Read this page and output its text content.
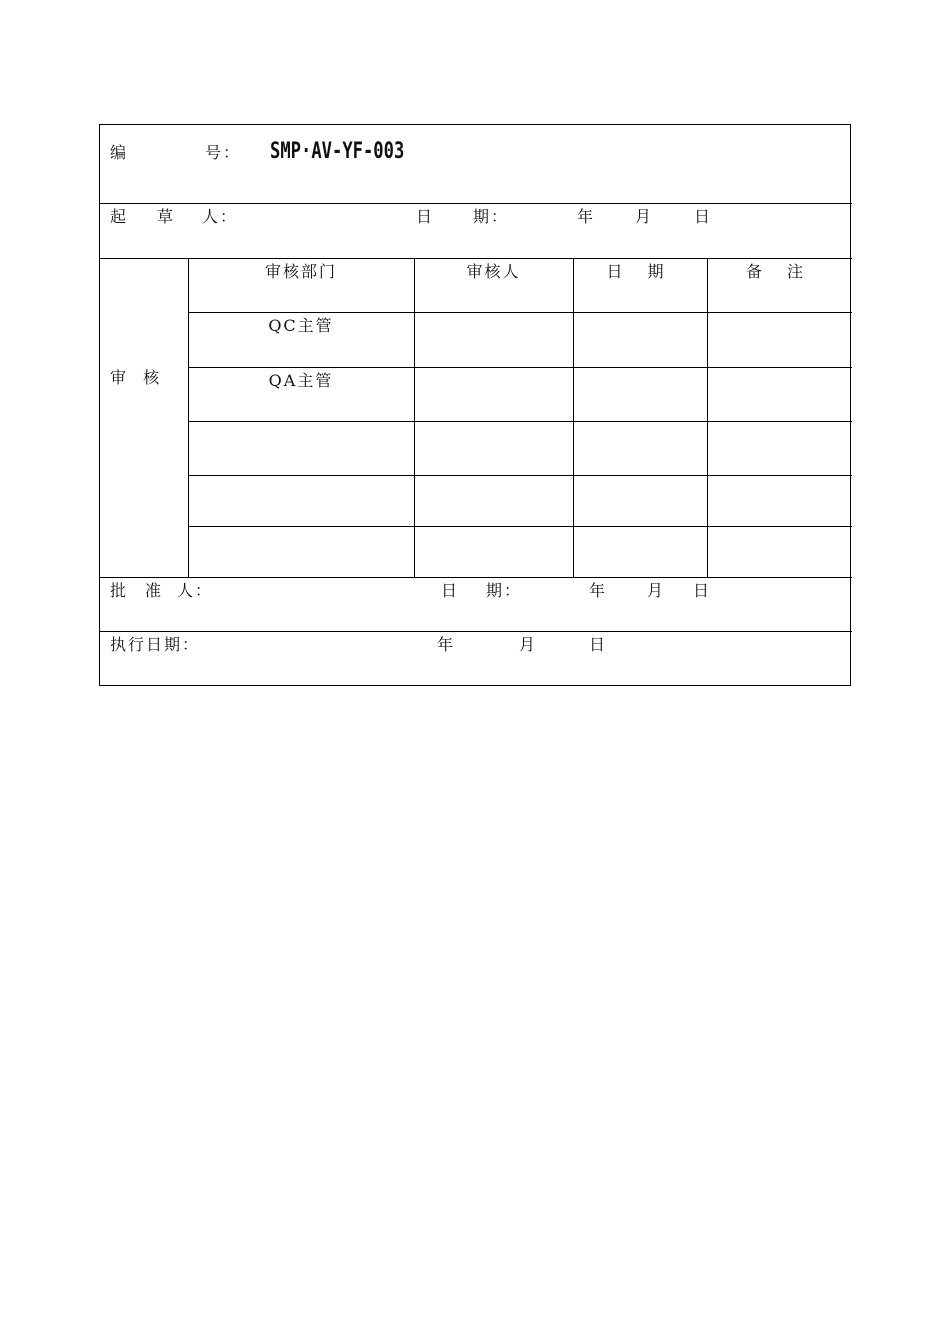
编	号： SMP·AV-YF-003
起 草 人：	日 期：	年 月	日
审 核
审核部门	审核人	日 期	备 注
QC主管
QA主管
批 准 人：	日 期：	年 月 日
执行日期：	年	月	日
